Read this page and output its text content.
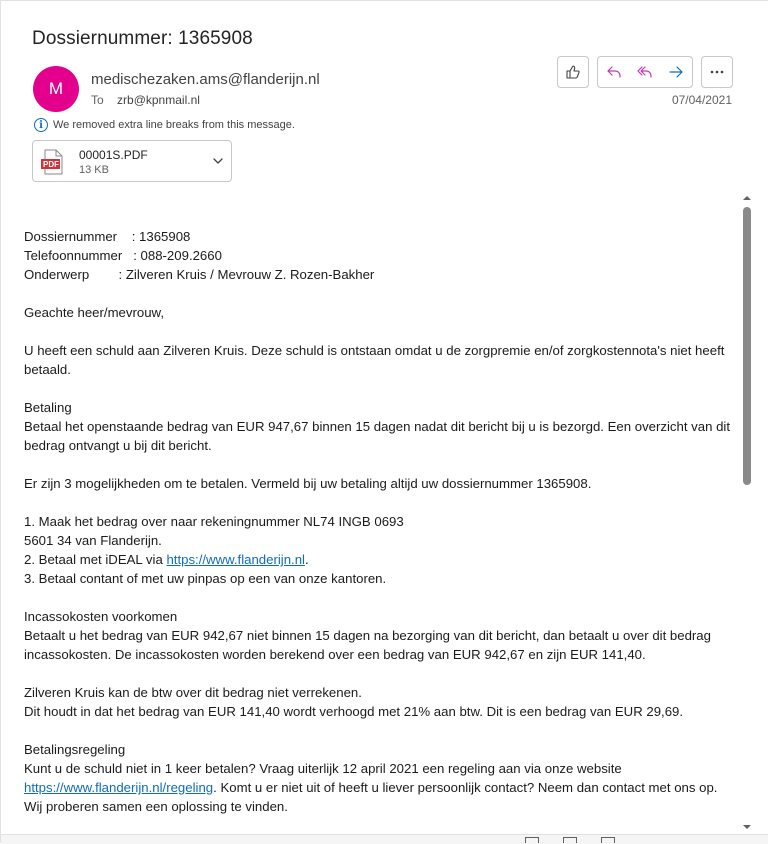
Dossiernummer: 1365908
M medischezaken.ams@flanderijn.nl
To zrb@kpnmail.nl	07/04/2021
i We removed extra line breaks from this message.
PDF
00001S.PDF
13 KB

Dossiernummer    : 1365908

Telefoonnummer   : 088-209.2660

Onderwerp        : Zilveren Kruis / Mevrouw Z. Rozen-Bakher

Geachte heer/mevrouw,

U heeft een schuld aan Zilveren Kruis. Deze schuld is ontstaan omdat u de zorgpremie en/of zorgkostennota's niet heeft betaald.

Betaling

Betaal het openstaande bedrag van EUR 947,67 binnen 15 dagen nadat dit bericht bij u is bezorgd. Een overzicht van dit bedrag ontvangt u bij dit bericht.

Er zijn 3 mogelijkheden om te betalen. Vermeld bij uw betaling altijd uw dossiernummer 1365908.

1. Maak het bedrag over naar rekeningnummer NL74 INGB 0693

5601 34 van Flanderijn.

2. Betaal met iDEAL via https://www.flanderijn.nl.

3. Betaal contant of met uw pinpas op een van onze kantoren.

Incassokosten voorkomen

Betaalt u het bedrag van EUR 942,67 niet binnen 15 dagen na bezorging van dit bericht, dan betaalt u over dit bedrag incassokosten. De incassokosten worden berekend over een bedrag van EUR 942,67 en zijn EUR 141,40.

Zilveren Kruis kan de btw over dit bedrag niet verrekenen.

Dit houdt in dat het bedrag van EUR 141,40 wordt verhoogd met 21% aan btw. Dit is een bedrag van EUR 29,69.

Betalingsregeling

Kunt u de schuld niet in 1 keer betalen? Vraag uiterlijk 12 april 2021 een regeling aan via onze website https://www.flanderijn.nl/regeling. Komt u er niet uit of heeft u liever persoonlijk contact? Neem dan contact met ons op.

Wij proberen samen een oplossing te vinden.
